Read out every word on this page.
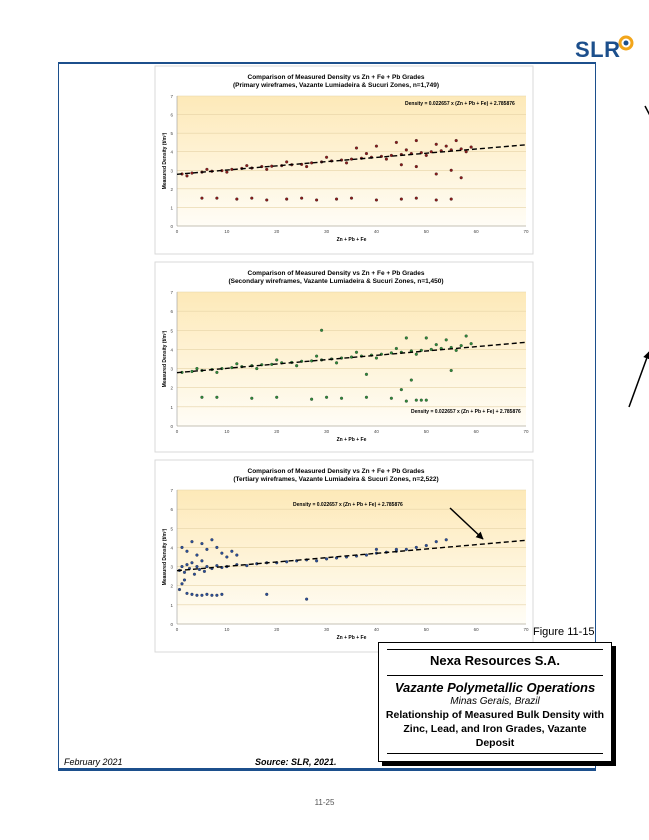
SLR
0
1
2
3
4
5
6
7
0	10	20	30	40	50	60	70
Comparison of Measured Density vs Zn + Fe + Pb Grades
(Primary wireframes, Vazante Lumiadeira & Sucuri Zones, n=1,749)
Zn + Pb + Fe
Measured Density (t/m³)
Density = 0.022657 x (Zn + Pb + Fe) + 2.785876
0
1
2
3
4
5
6
7
0	10	20	30	40	50	60	70
Comparison of Measured Density vs Zn + Fe + Pb Grades
(Secondary wireframes, Vazante Lumiadeira & Sucuri Zones, n=1,450)
Zn + Pb + Fe
Measured Density (t/m³)
Density = 0.022657 x (Zn + Pb + Fe) + 2.785876
0
1
2
3
4
5
6
7
0	10	20	30	40	50	60	70
Comparison of Measured Density vs Zn + Fe + Pb Grades
(Tertiary wireframes, Vazante Lumiadeira & Sucuri Zones, n=2,522)
Zn + Pb + Fe
Measured Density (t/m³)
Density = 0.022657 x (Zn + Pb + Fe) + 2.785876
Figure 11-15
Nexa Resources S.A.
Vazante Polymetallic Operations
Minas Gerais, Brazil
Relationship of Measured Bulk Density with Zinc, Lead, and Iron Grades, Vazante Deposit
February 2021	Source: SLR, 2021.
11-25
